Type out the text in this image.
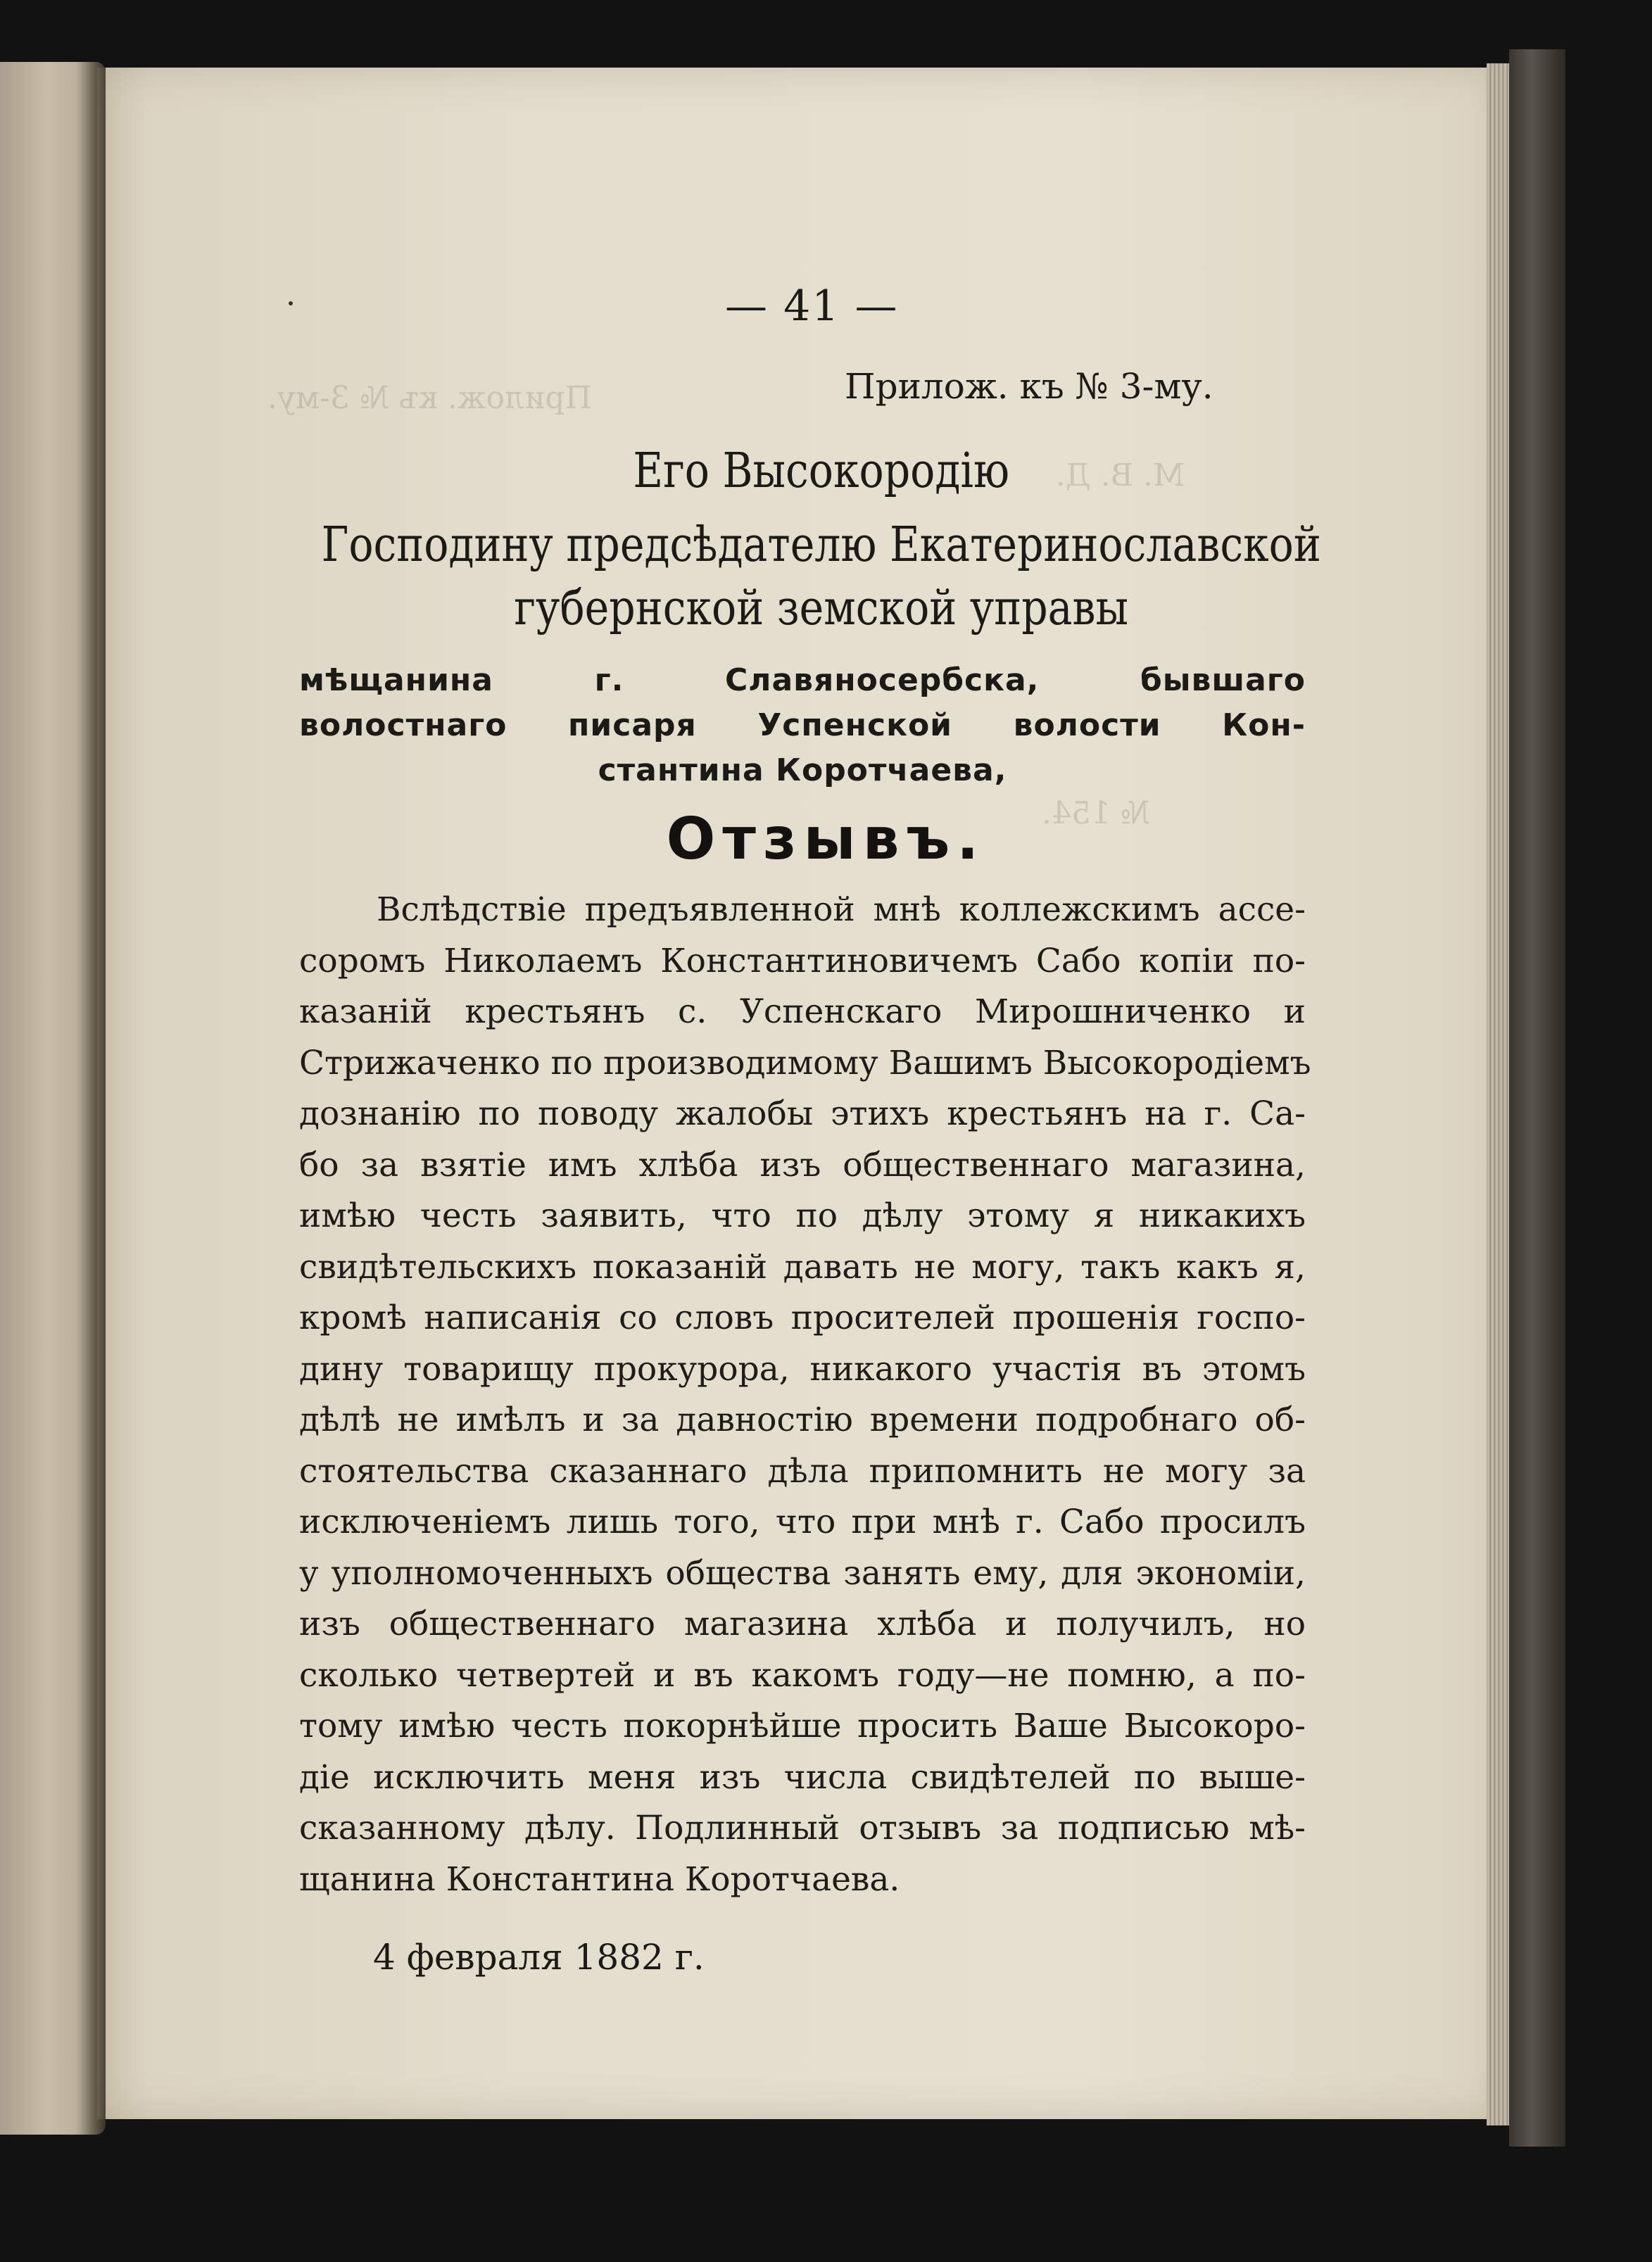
Прилож. къ № 3-му.
М. В. Д.
№ 154.
— 41 —
Прилож. къ № 3-му.
Его Высокородію
Господину предсѣдателю Екатеринославской
губернской земской управы
мѣщанина г. Славяносербска, бывшаго
волостнаго писаря Успенской волости Кон-
стантина Коротчаева,
Отзывъ.
Вслѣдствіе предъявленной мнѣ коллежскимъ ассе-
соромъ Николаемъ Константиновичемъ Сабо копіи по-
казаній крестьянъ с. Успенскаго Мирошниченко и
Стрижаченко по производимому Вашимъ Высокородіемъ
дознанію по поводу жалобы этихъ крестьянъ на г. Са-
бо за взятіе имъ хлѣба изъ общественнаго магазина,
имѣю честь заявить, что по дѣлу этому я никакихъ
свидѣтельскихъ показаній давать не могу, такъ какъ я,
кромѣ написанія со словъ просителей прошенія госпо-
дину товарищу прокурора, никакого участія въ этомъ
дѣлѣ не имѣлъ и за давностію времени подробнаго об-
стоятельства сказаннаго дѣла припомнить не могу за
исключеніемъ лишь того, что при мнѣ г. Сабо просилъ
у уполномоченныхъ общества занять ему, для экономіи,
изъ общественнаго магазина хлѣба и получилъ, но
сколько четвертей и въ какомъ году—не помню, а по-
тому имѣю честь покорнѣйше просить Ваше Высокоро-
діе исключить меня изъ числа свидѣтелей по выше-
сказанному дѣлу. Подлинный отзывъ за подписью мѣ-
щанина Константина Коротчаева.
4 февраля 1882 г.
